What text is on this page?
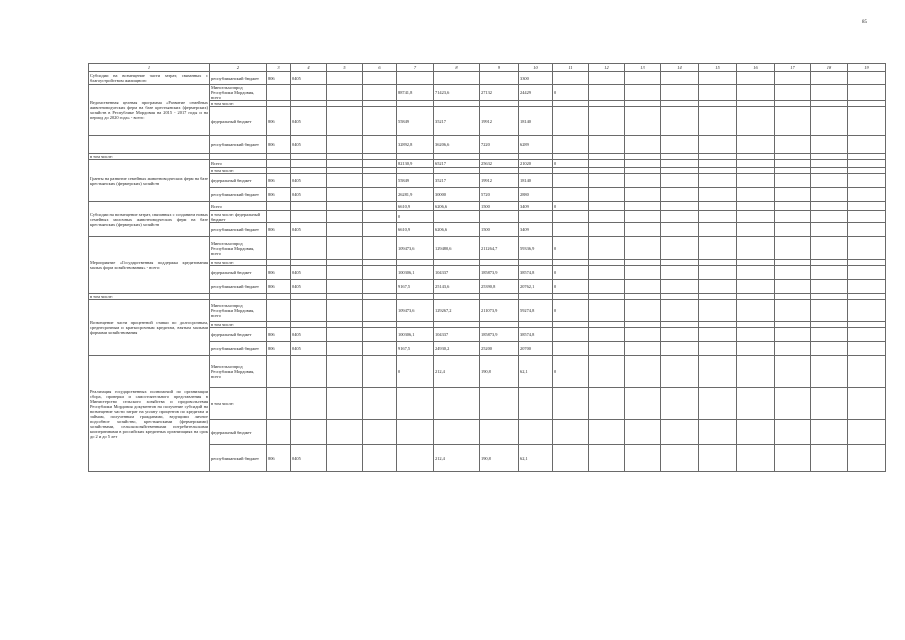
85
1	2	3	4	5	6	7	8	9	10	11	12	13	14	15	16	17	18	19
Субсидии на возмещение части затрат, связанных с благоустройством жилищного	республиканский бюджет	806	0405						3300									
Ведомственная целевая программа «Развитие семейных животноводческих ферм на базе крестьянских (фермерских) хозяйств в Республике Мордовия на 2015 - 2017 годы и на период до 2020 года» - всего:	Минсельхозпрод Республики Мордовия, всего					88741,8	71423,6	27132	24429	0								
	в том числе:																	
	федеральный бюджет	806	0405			55849	35217	19912	18140									
	республиканский бюджет	806	0405			32892,8	36206,6	7220	6289									
в том числе:																		
Гранты на развитие семейных животноводческих ферм на базе крестьянских (фермерских) хозяйств	Всего					82130,9	65217	25632	21020	0								
	в том числе:																	
	федеральный бюджет	806	0405			55849	35217	19912	18140									
	республиканский бюджет	806	0405			26281,9	30000	5720	2880									
Субсидии на возмещение затрат, связанных с созданием новых семейных молочных животноводческих ферм на базе крестьянских (фермерских) хозяйств	Всего					6610,9	6206,6	1500	3409	0								
	в том числе: федеральный бюджет					0												
	республиканский бюджет	806	0405			6610,9	6206,6	1500	3409									
Мероприятие «Государственная поддержка кредитования малых форм хозяйствования» - всего:	Минсельхозпрод Республики Мордовия, всего					109473,6	129480,6	211264,7	59336,9	0								
	в том числе:																	
	федеральный бюджет	806	0405			100306,1	104337	185873,9	38574,8	0								
	республиканский бюджет	806	0405			9167,5	25143,6	25390,8	20762,1	0								
в том числе:																		
Возмещение части процентной ставки по долгосрочным, среднесрочным и краткосрочным кредитам, взятым малыми формами хозяйствования	Минсельхозпрод Республики Мордовия, всего					109473,6	129267,2	211073,9	59274,8	0								
	в том числе:																	
	федеральный бюджет	806	0405			100306,1	104337	185873,9	38574,8									
	республиканский бюджет	806	0405			9167,5	24930,2	25200	20700									
Реализация государственных полномочий по организации сбора, проверки и самостоятельного представления в Министерство сельского хозяйства и продовольствия Республики Мордовия документов на получение субсидий на возмещение части затрат на уплату процентов по кредитам и займам, полученным гражданами, ведущими личное подсобное хозяйство, крестьянскими (фермерскими) хозяйствами, сельскохозяйственными потребительскими кооперативами в российских кредитных организациях на срок до 2 и до 5 лет	Минсельхозпрод Республики Мордовия, всего					0	212,4	190,8	62,1	0								
	в том числе:																	
	федеральный бюджет																	
	республиканский бюджет	806	0405				212,4	190,8	62,1									
